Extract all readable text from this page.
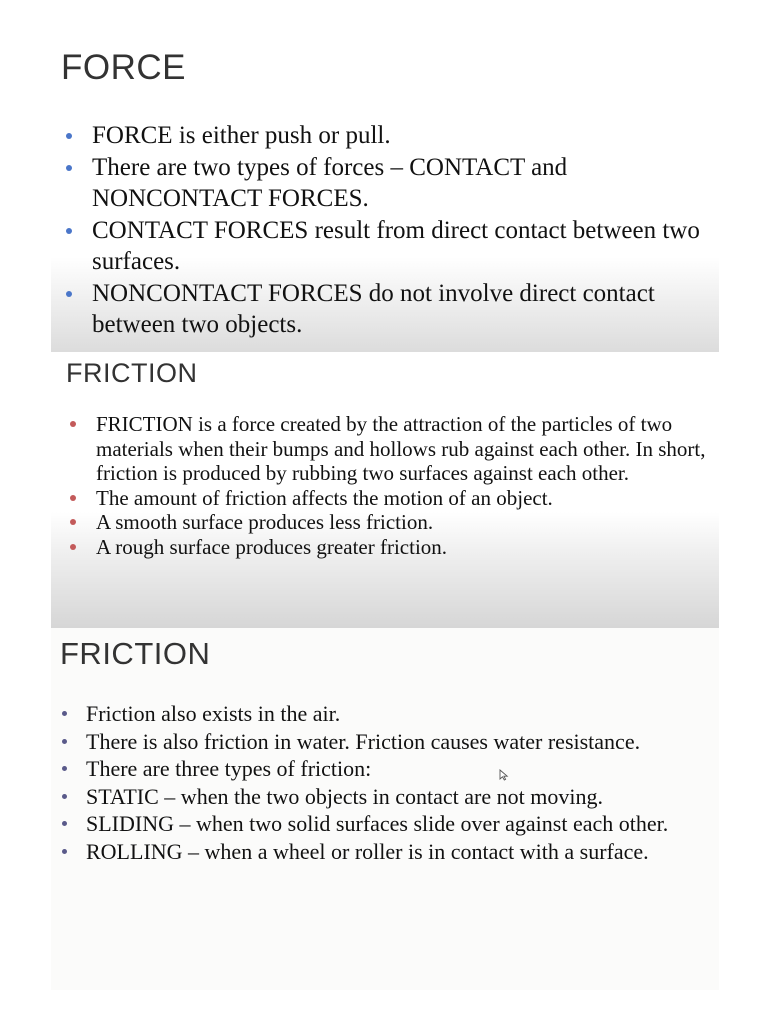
FORCE
FORCE is either push or pull.
There are two types of forces – CONTACT and NONCONTACT FORCES.
CONTACT FORCES result from direct contact between two surfaces.
NONCONTACT FORCES do not involve direct contact between two objects.
FRICTION
FRICTION is a force created by the attraction of the particles of two materials when their bumps and hollows rub against each other. In short, friction is produced by rubbing two surfaces against each other.
The amount of friction affects the motion of an object.
A smooth surface produces less friction.
A rough surface produces greater friction.
FRICTION
Friction also exists in the air.
There is also friction in water. Friction causes water resistance.
There are three types of friction:
STATIC – when the two objects in contact are not moving.
SLIDING – when two solid surfaces slide over against each other.
ROLLING – when a wheel or roller is in contact with a surface.
